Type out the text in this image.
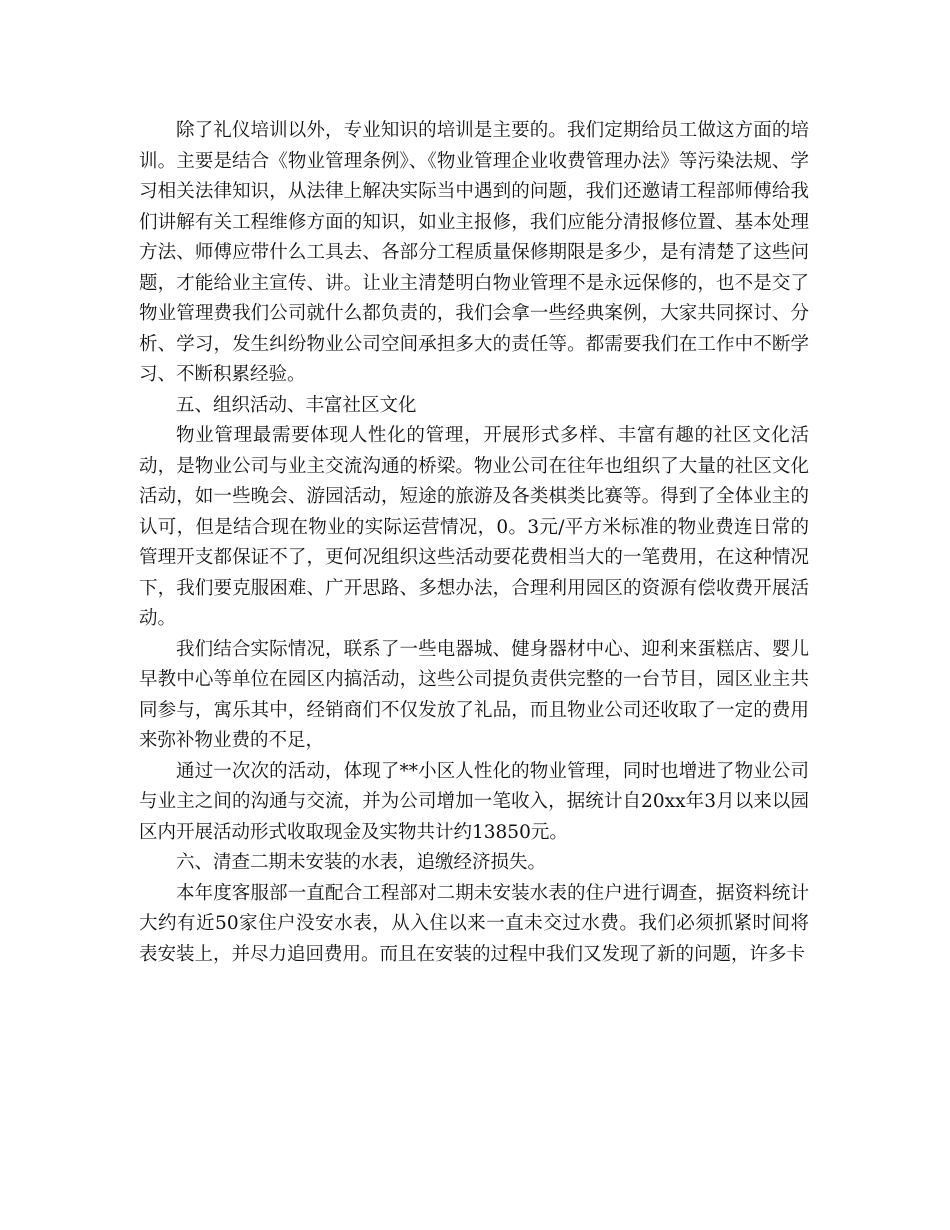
除了礼仪培训以外，专业知识的培训是主要的。我们定期给员工做这方面的培训。主要是结合《物业管理条例》、《物业管理企业收费管理办法》等污染法规、学习相关法律知识，从法律上解决实际当中遇到的问题，我们还邀请工程部师傅给我们讲解有关工程维修方面的知识，如业主报修，我们应能分清报修位置、基本处理方法、师傅应带什么工具去、各部分工程质量保修期限是多少，是有清楚了这些问题，才能给业主宣传、讲。让业主清楚明白物业管理不是永远保修的，也不是交了物业管理费我们公司就什么都负责的，我们会拿一些经典案例，大家共同探讨、分析、学习，发生纠纷物业公司空间承担多大的责任等。都需要我们在工作中不断学习、不断积累经验。

五、组织活动、丰富社区文化

物业管理最需要体现人性化的管理，开展形式多样、丰富有趣的社区文化活动，是物业公司与业主交流沟通的桥梁。物业公司在往年也组织了大量的社区文化活动，如一些晚会、游园活动，短途的旅游及各类棋类比赛等。得到了全体业主的认可，但是结合现在物业的实际运营情况，0。3元/平方米标准的物业费连日常的管理开支都保证不了，更何况组织这些活动要花费相当大的一笔费用，在这种情况下，我们要克服困难、广开思路、多想办法，合理利用园区的资源有偿收费开展活动。

我们结合实际情况，联系了一些电器城、健身器材中心、迎利来蛋糕店、婴儿早教中心等单位在园区内搞活动，这些公司提负责供完整的一台节目，园区业主共同参与，寓乐其中，经销商们不仅发放了礼品，而且物业公司还收取了一定的费用来弥补物业费的不足，

通过一次次的活动，体现了**小区人性化的物业管理，同时也增进了物业公司与业主之间的沟通与交流，并为公司增加一笔收入，据统计自20xx年3月以来以园区内开展活动形式收取现金及实物共计约13850元。

六、清查二期未安装的水表，追缴经济损失。

本年度客服部一直配合工程部对二期未安装水表的住户进行调查，据资料统计大约有近50家住户没安水表，从入住以来一直未交过水费。我们必须抓紧时间将表安装上，并尽力追回费用。而且在安装的过程中我们又发现了新的问题，许多卡
